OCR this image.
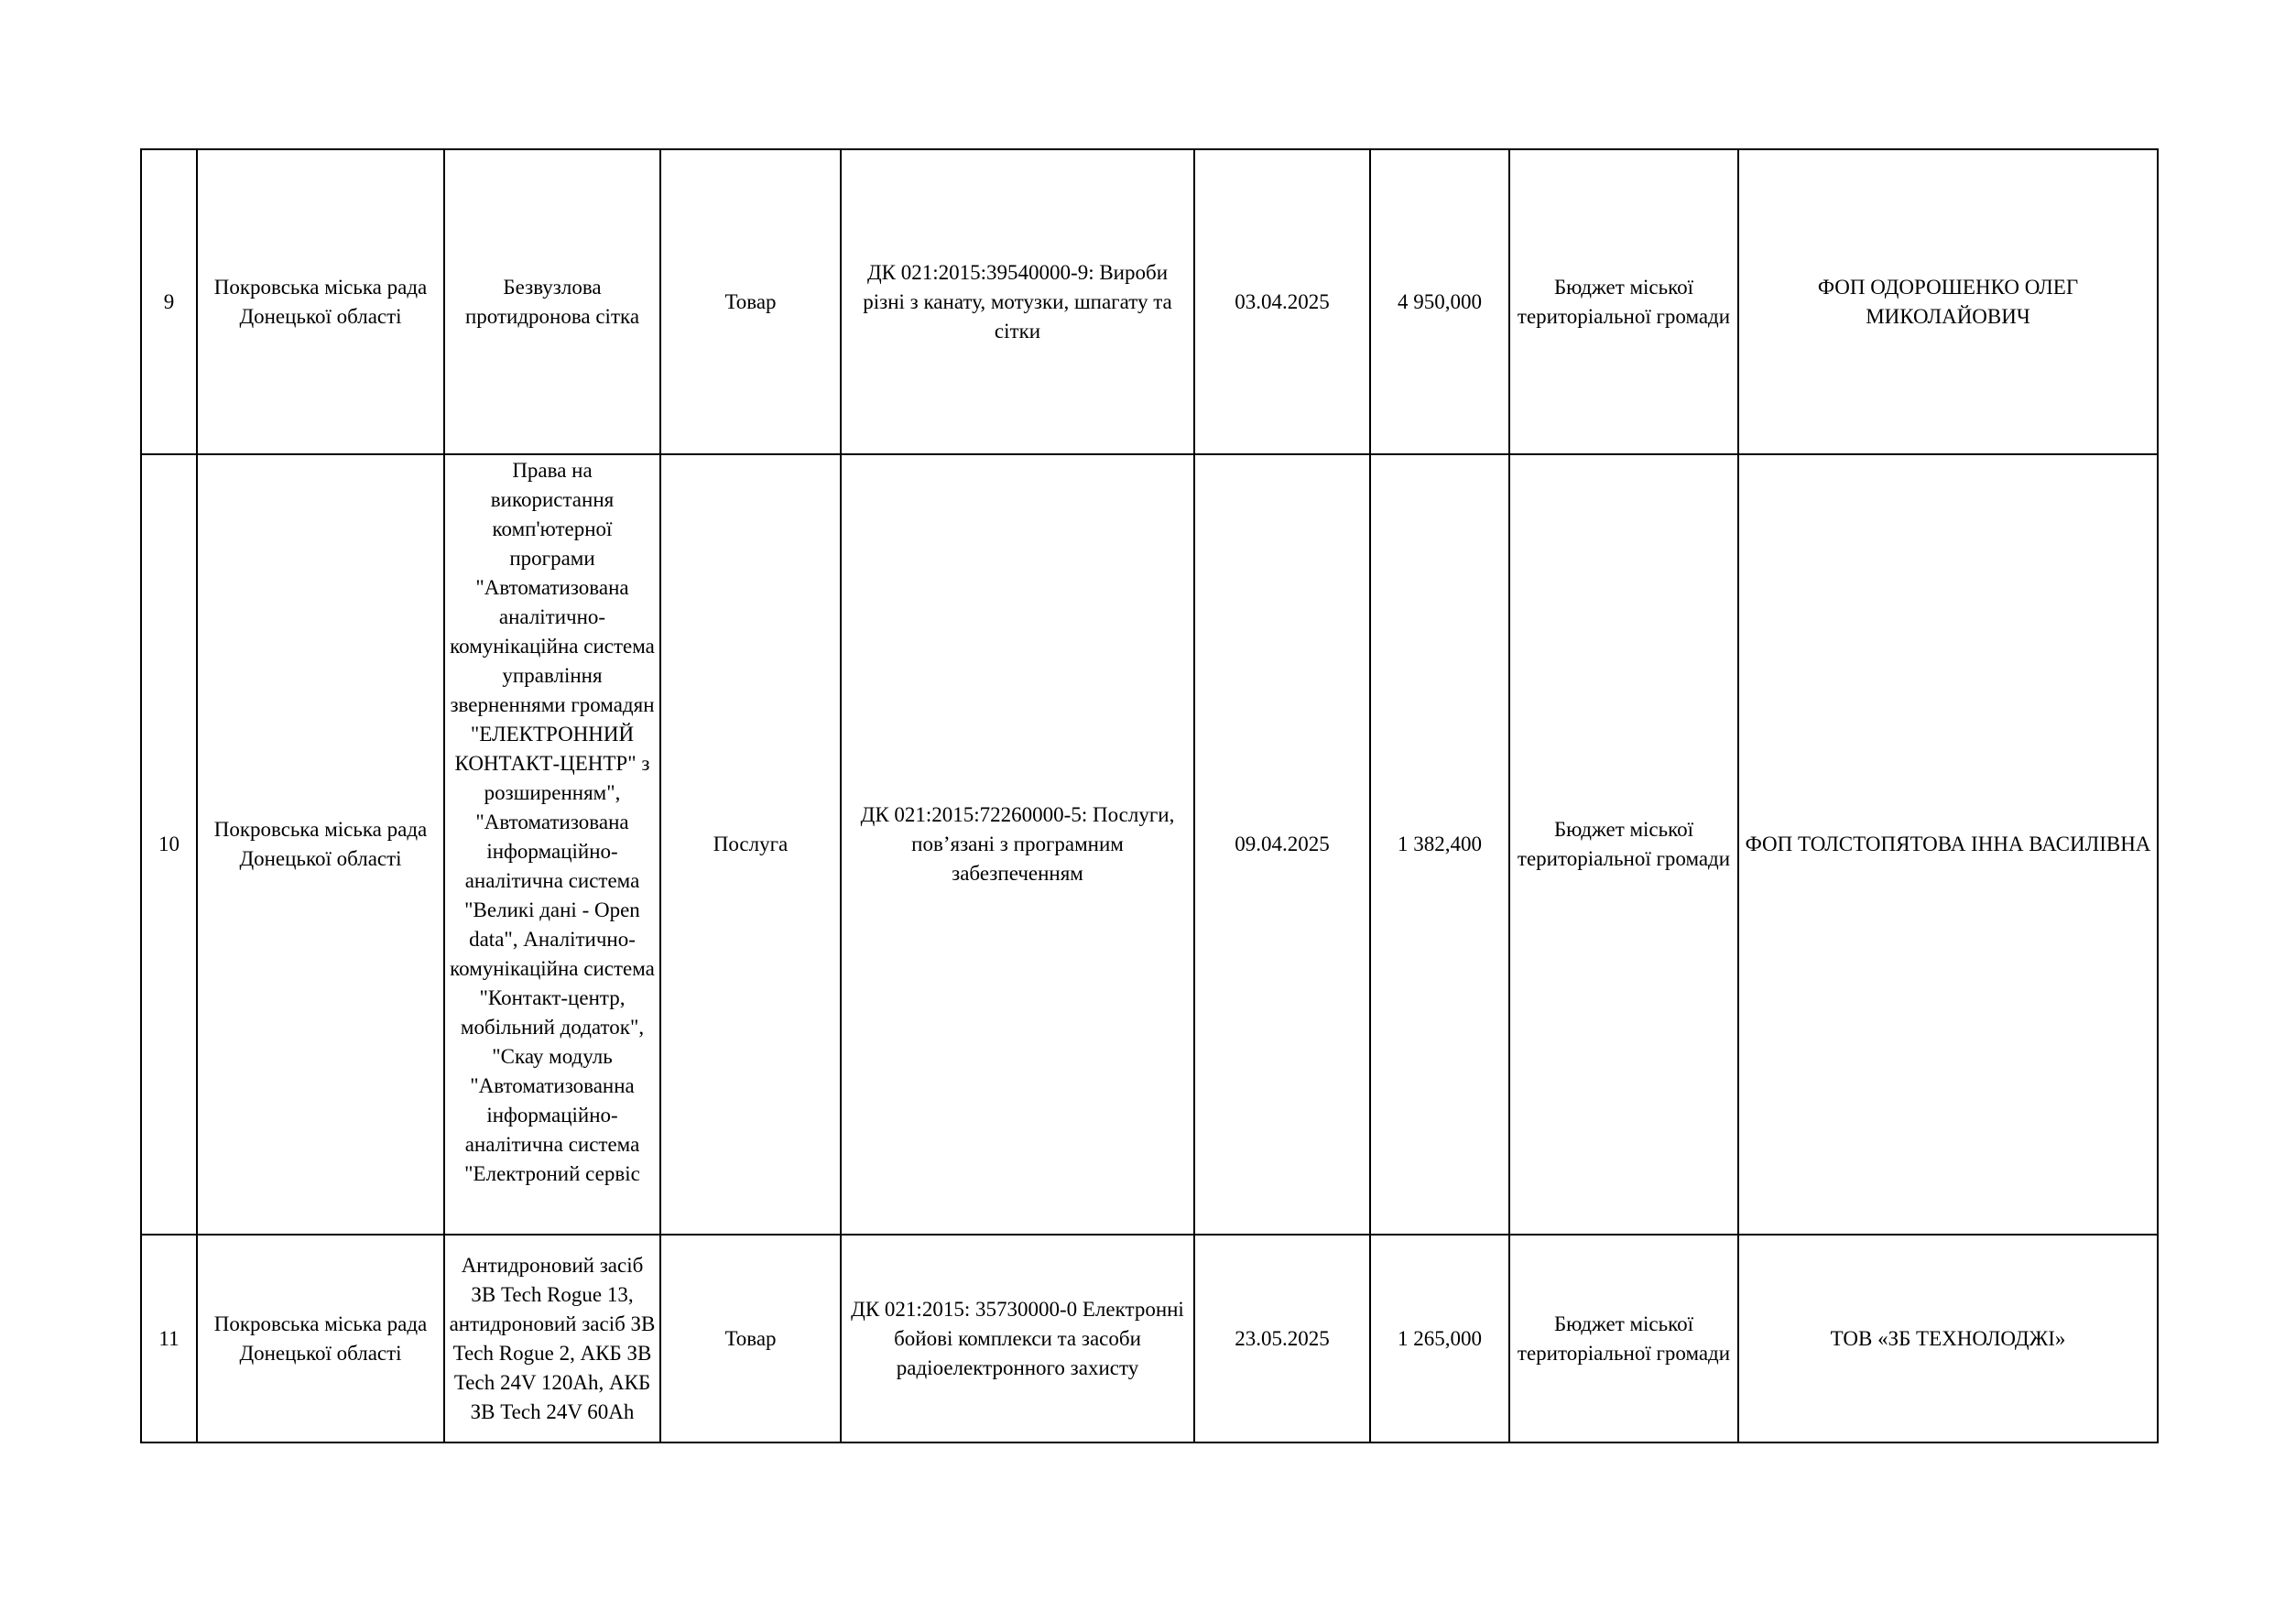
9	Покровська міська рада Донецької області	Безвузлова протидронова сітка	Товар	ДК 021:2015:39540000-9: Вироби різні з канату, мотузки, шпагату та сітки	03.04.2025	4 950,000	Бюджет міської територіальної громади	ФОП ОДОРОШЕНКО ОЛЕГ МИКОЛАЙОВИЧ
10	Покровська міська рада Донецької області	Права на використання комп'ютерної програми "Автоматизована аналітично-комунікаційна система управління зверненнями громадян "ЕЛЕКТРОННИЙ КОНТАКТ-ЦЕНТР" з розширенням", "Автоматизована інформаційно-аналітична система "Великі дані - Open data", Аналітично-комунікаційна система "Контакт-центр, мобільний додаток", "Скау модуль "Автоматизованна інформаційно-аналітична система "Електроний сервіс	Послуга	ДК 021:2015:72260000-5: Послуги, пов’язані з програмним забезпеченням	09.04.2025	1 382,400	Бюджет міської територіальної громади	ФОП ТОЛСТОПЯТОВА ІННА ВАСИЛІВНА
11	Покровська міська рада Донецької області	Антидроновий засіб ЗВ Tech Rogue 13, антидроновий засіб ЗВ Tech Rogue 2, АКБ ЗВ Tech 24V 120Ah, АКБ ЗВ Tech 24V 60Ah	Товар	ДК 021:2015: 35730000-0 Електронні бойові комплекси та засоби радіоелектронного захисту	23.05.2025	1 265,000	Бюджет міської територіальної громади	ТОВ «ЗБ ТЕХНОЛОДЖІ»
